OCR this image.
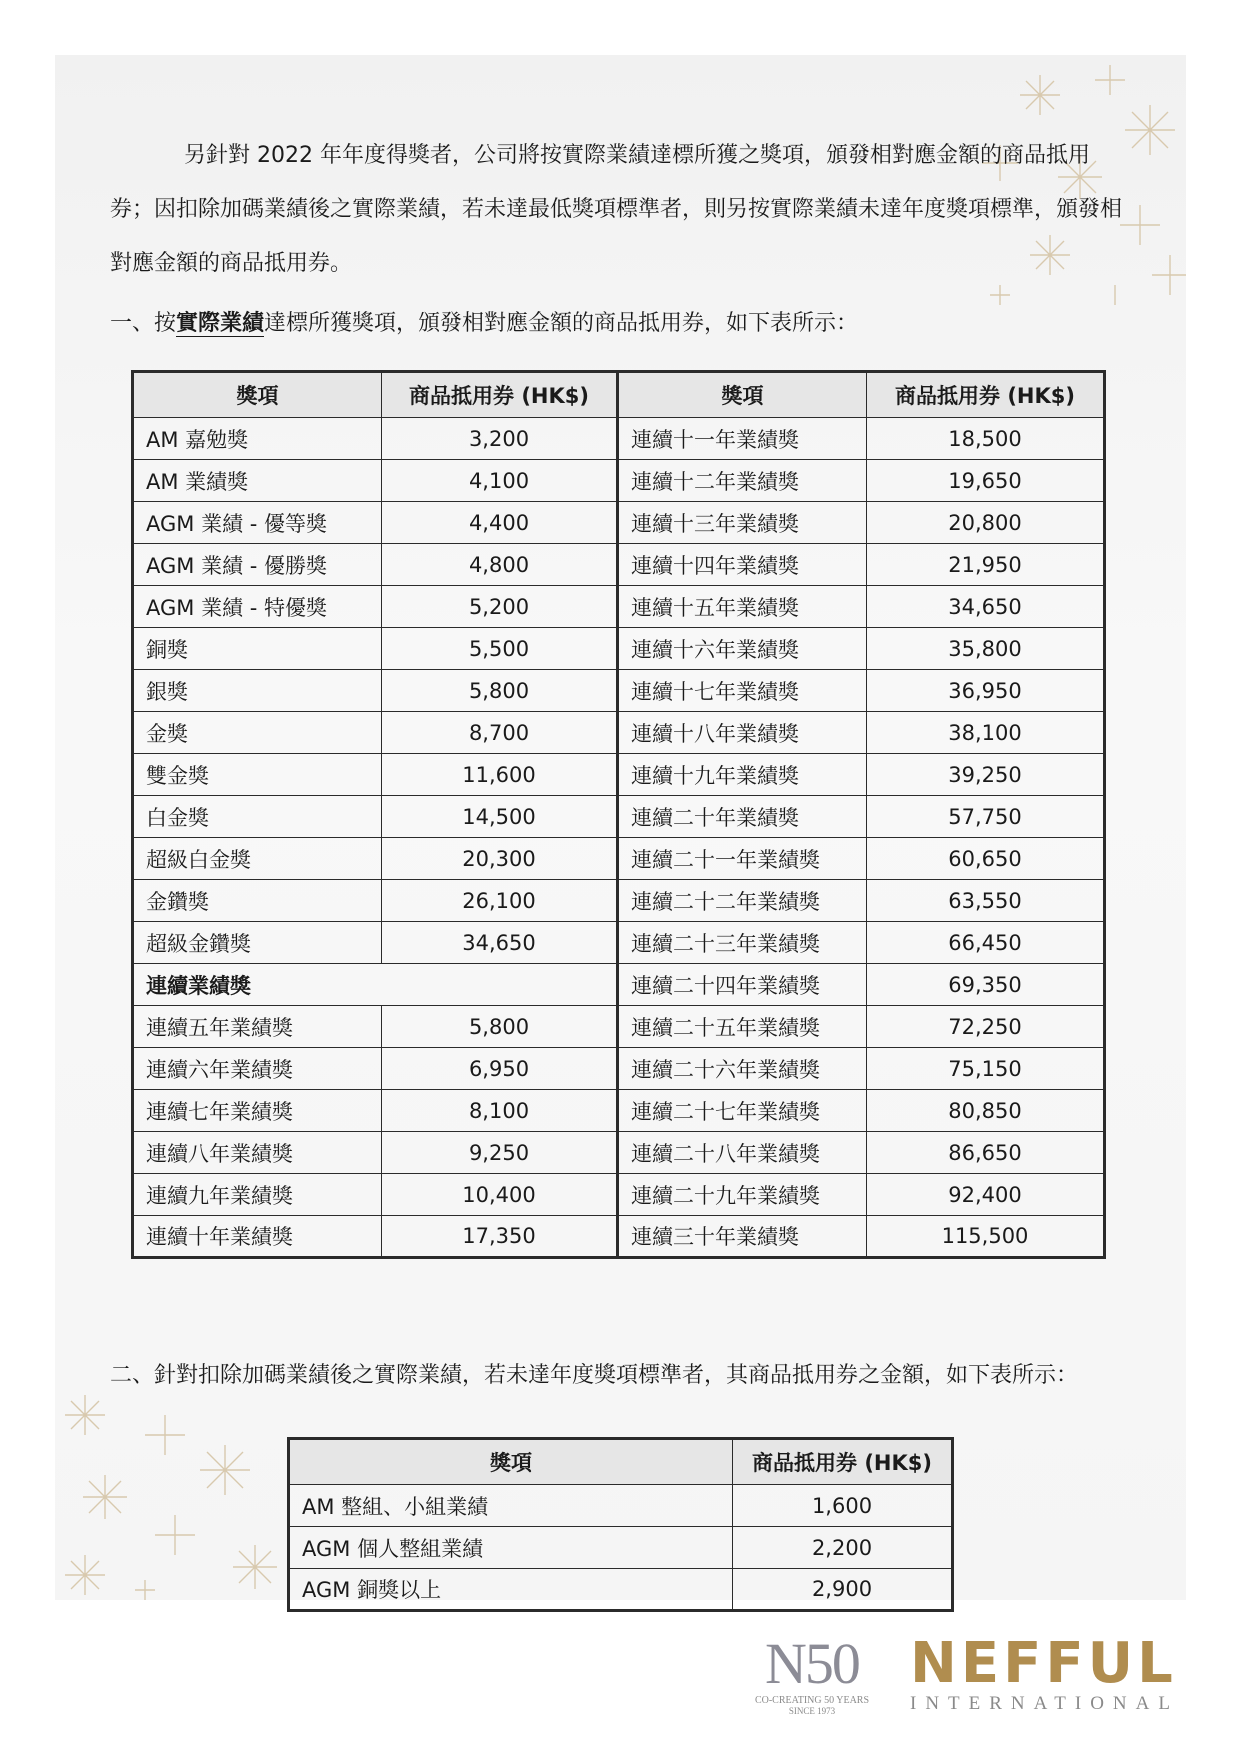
另針對 2022 年年度得獎者，公司將按實際業績達標所獲之獎項，頒發相對應金額的商品抵用券；因扣除加碼業績後之實際業績，若未達最低獎項標準者，則另按實際業績未達年度獎項標準，頒發相對應金額的商品抵用券。

一、按實際業績達標所獲獎項，頒發相對應金額的商品抵用券，如下表所示：

獎項	商品抵用券 (HK$)	獎項	商品抵用券 (HK$)
AM 嘉勉獎	3,200	連續十一年業績獎	18,500
AM 業績獎	4,100	連續十二年業績獎	19,650
AGM 業績 - 優等獎	4,400	連續十三年業績獎	20,800
AGM 業績 - 優勝獎	4,800	連續十四年業績獎	21,950
AGM 業績 - 特優獎	5,200	連續十五年業績獎	34,650
銅獎	5,500	連續十六年業績獎	35,800
銀獎	5,800	連續十七年業績獎	36,950
金獎	8,700	連續十八年業績獎	38,100
雙金獎	11,600	連續十九年業績獎	39,250
白金獎	14,500	連續二十年業績獎	57,750
超級白金獎	20,300	連續二十一年業績獎	60,650
金鑽獎	26,100	連續二十二年業績獎	63,550
超級金鑽獎	34,650	連續二十三年業績獎	66,450
連續業績獎		連續二十四年業績獎	69,350
連續五年業績獎	5,800	連續二十五年業績獎	72,250
連續六年業績獎	6,950	連續二十六年業績獎	75,150
連續七年業績獎	8,100	連續二十七年業績獎	80,850
連續八年業績獎	9,250	連續二十八年業績獎	86,650
連續九年業績獎	10,400	連續二十九年業績獎	92,400
連續十年業績獎	17,350	連續三十年業績獎	115,500

二、針對扣除加碼業績後之實際業績，若未達年度獎項標準者，其商品抵用券之金額，如下表所示：

獎項	商品抵用券 (HK$)
AM 整組、小組業績	1,600
AGM 個人整組業績	2,200
AGM 銅獎以上	2,900
N50
CO-CREATING 50 YEARS
SINCE 1973
NEFFUL
INTERNATIONAL
